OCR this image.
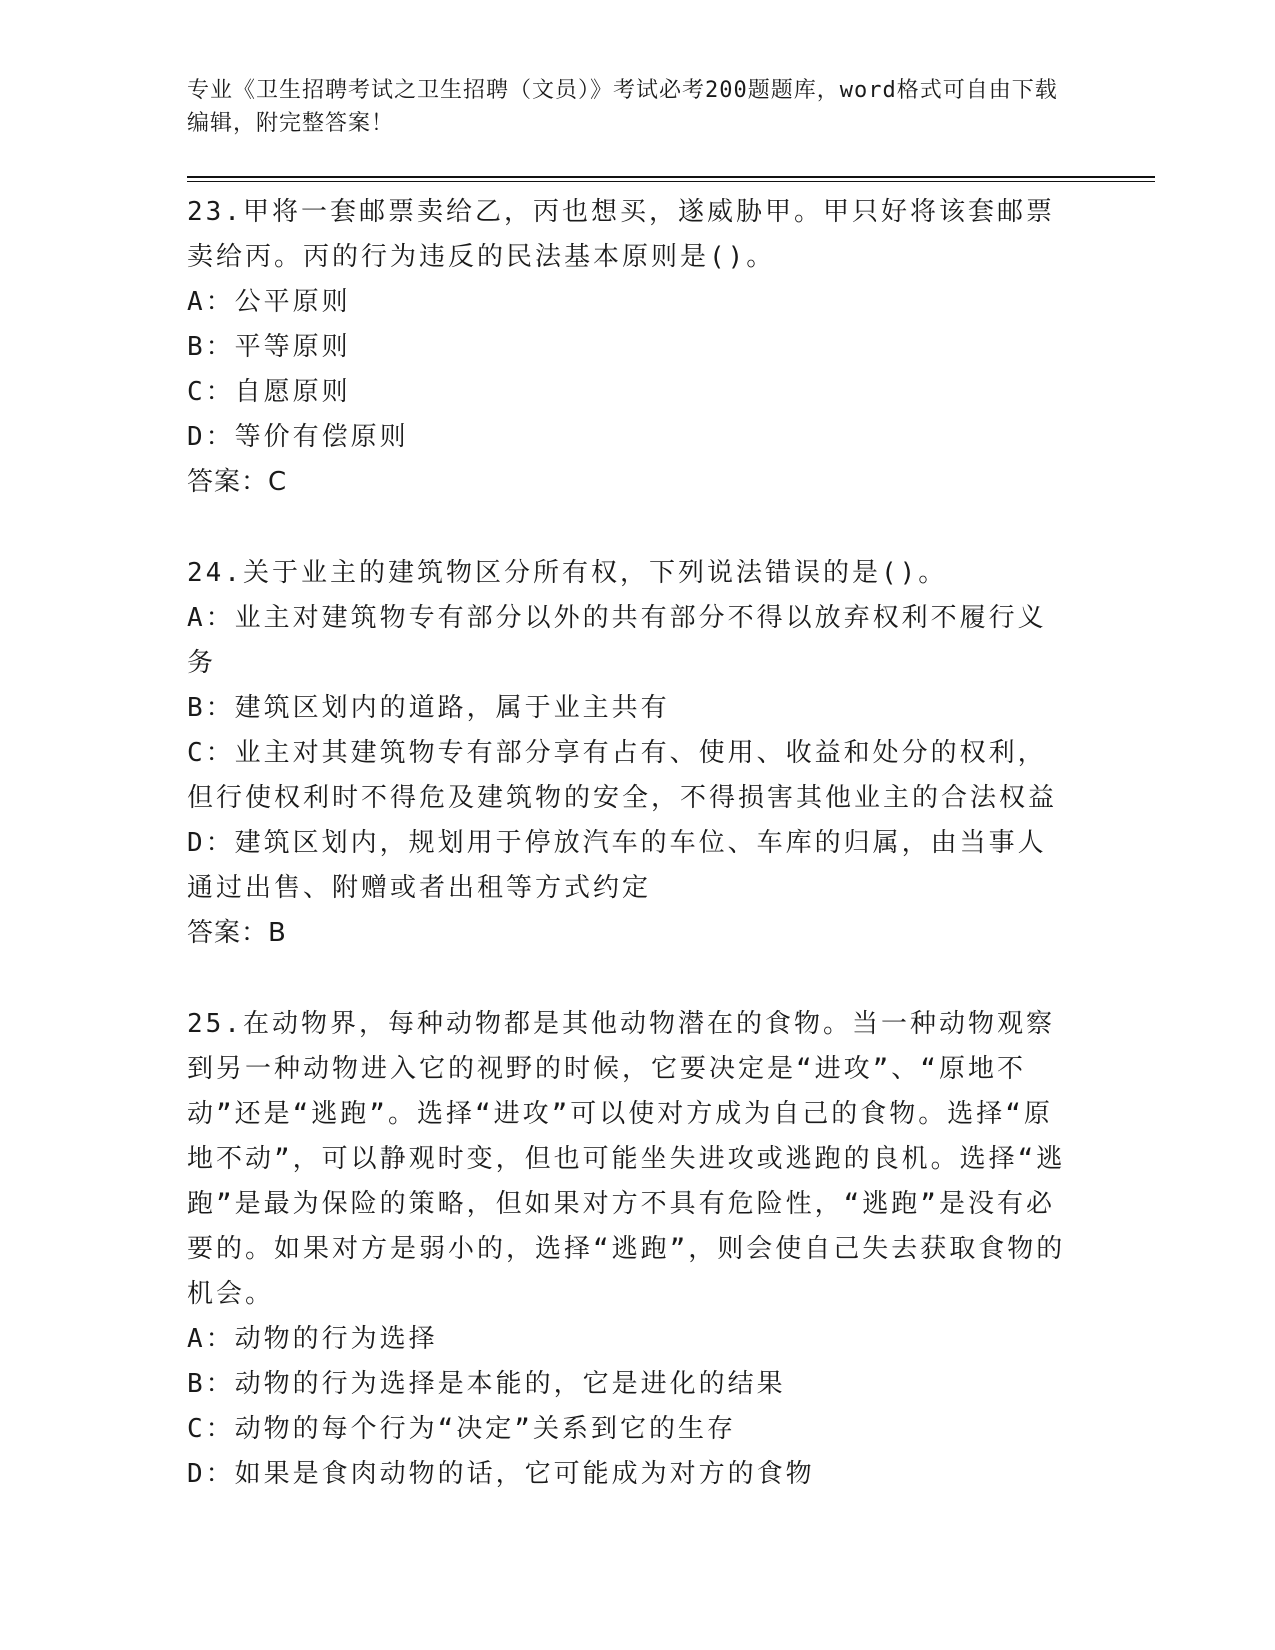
专业《卫生招聘考试之卫生招聘（文员）》考试必考200题题库，word格式可自由下载编辑，附完整答案！

23.甲将一套邮票卖给乙，丙也想买，遂威胁甲。甲只好将该套邮票卖给丙。丙的行为违反的民法基本原则是()。

A：公平原则

B：平等原则

C：自愿原则

D：等价有偿原则

答案：C

24.关于业主的建筑物区分所有权，下列说法错误的是()。

A：业主对建筑物专有部分以外的共有部分不得以放弃权利不履行义务

B：建筑区划内的道路，属于业主共有

C：业主对其建筑物专有部分享有占有、使用、收益和处分的权利，但行使权利时不得危及建筑物的安全，不得损害其他业主的合法权益

D：建筑区划内，规划用于停放汽车的车位、车库的归属，由当事人通过出售、附赠或者出租等方式约定

答案：B

25.在动物界，每种动物都是其他动物潜在的食物。当一种动物观察到另一种动物进入它的视野的时候，它要决定是“进攻”、“原地不动”还是“逃跑”。选择“进攻”可以使对方成为自己的食物。选择“原地不动”，可以静观时变，但也可能坐失进攻或逃跑的良机。选择“逃跑”是最为保险的策略，但如果对方不具有危险性，“逃跑”是没有必要的。如果对方是弱小的，选择“逃跑”，则会使自己失去获取食物的机会。

A：动物的行为选择

B：动物的行为选择是本能的，它是进化的结果

C：动物的每个行为“决定”关系到它的生存

D：如果是食肉动物的话，它可能成为对方的食物
